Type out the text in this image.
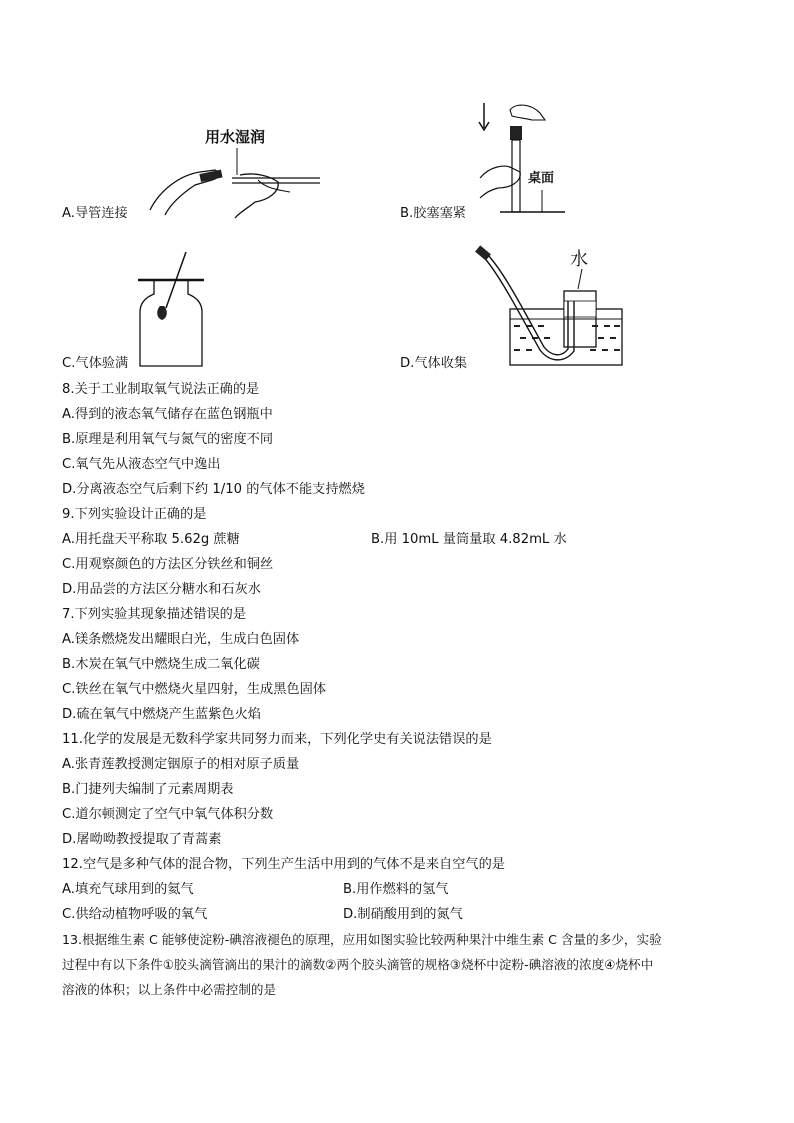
用水湿润
A.导管连接
桌面
B.胶塞塞紧
C.气体验满
水
D.气体收集
8.关于工业制取氧气说法正确的是
A.得到的液态氧气储存在蓝色钢瓶中
B.原理是利用氧气与氮气的密度不同
C.氧气先从液态空气中逸出
D.分离液态空气后剩下约 1/10 的气体不能支持燃烧
9.下列实验设计正确的是
A.用托盘天平称取 5.62g 蔗糖	B.用 10mL 量筒量取 4.82mL 水
C.用观察颜色的方法区分铁丝和铜丝
D.用品尝的方法区分糖水和石灰水
7.下列实验其现象描述错误的是
A.镁条燃烧发出耀眼白光，生成白色固体
B.木炭在氧气中燃烧生成二氧化碳
C.铁丝在氧气中燃烧火星四射，生成黑色固体
D.硫在氧气中燃烧产生蓝紫色火焰
11.化学的发展是无数科学家共同努力而来，下列化学史有关说法错误的是
A.张青莲教授测定铟原子的相对原子质量
B.门捷列夫编制了元素周期表
C.道尔顿测定了空气中氧气体积分数
D.屠呦呦教授提取了青蒿素
12.空气是多种气体的混合物，下列生产生活中用到的气体不是来自空气的是
A.填充气球用到的氦气	B.用作燃料的氢气
C.供给动植物呼吸的氧气	D.制硝酸用到的氮气
13.根据维生素 C 能够使淀粉-碘溶液褪色的原理，应用如图实验比较两种果汁中维生素 C 含量的多少，实验
过程中有以下条件①胶头滴管滴出的果汁的滴数②两个胶头滴管的规格③烧杯中淀粉-碘溶液的浓度④烧杯中
溶液的体积；以上条件中必需控制的是
